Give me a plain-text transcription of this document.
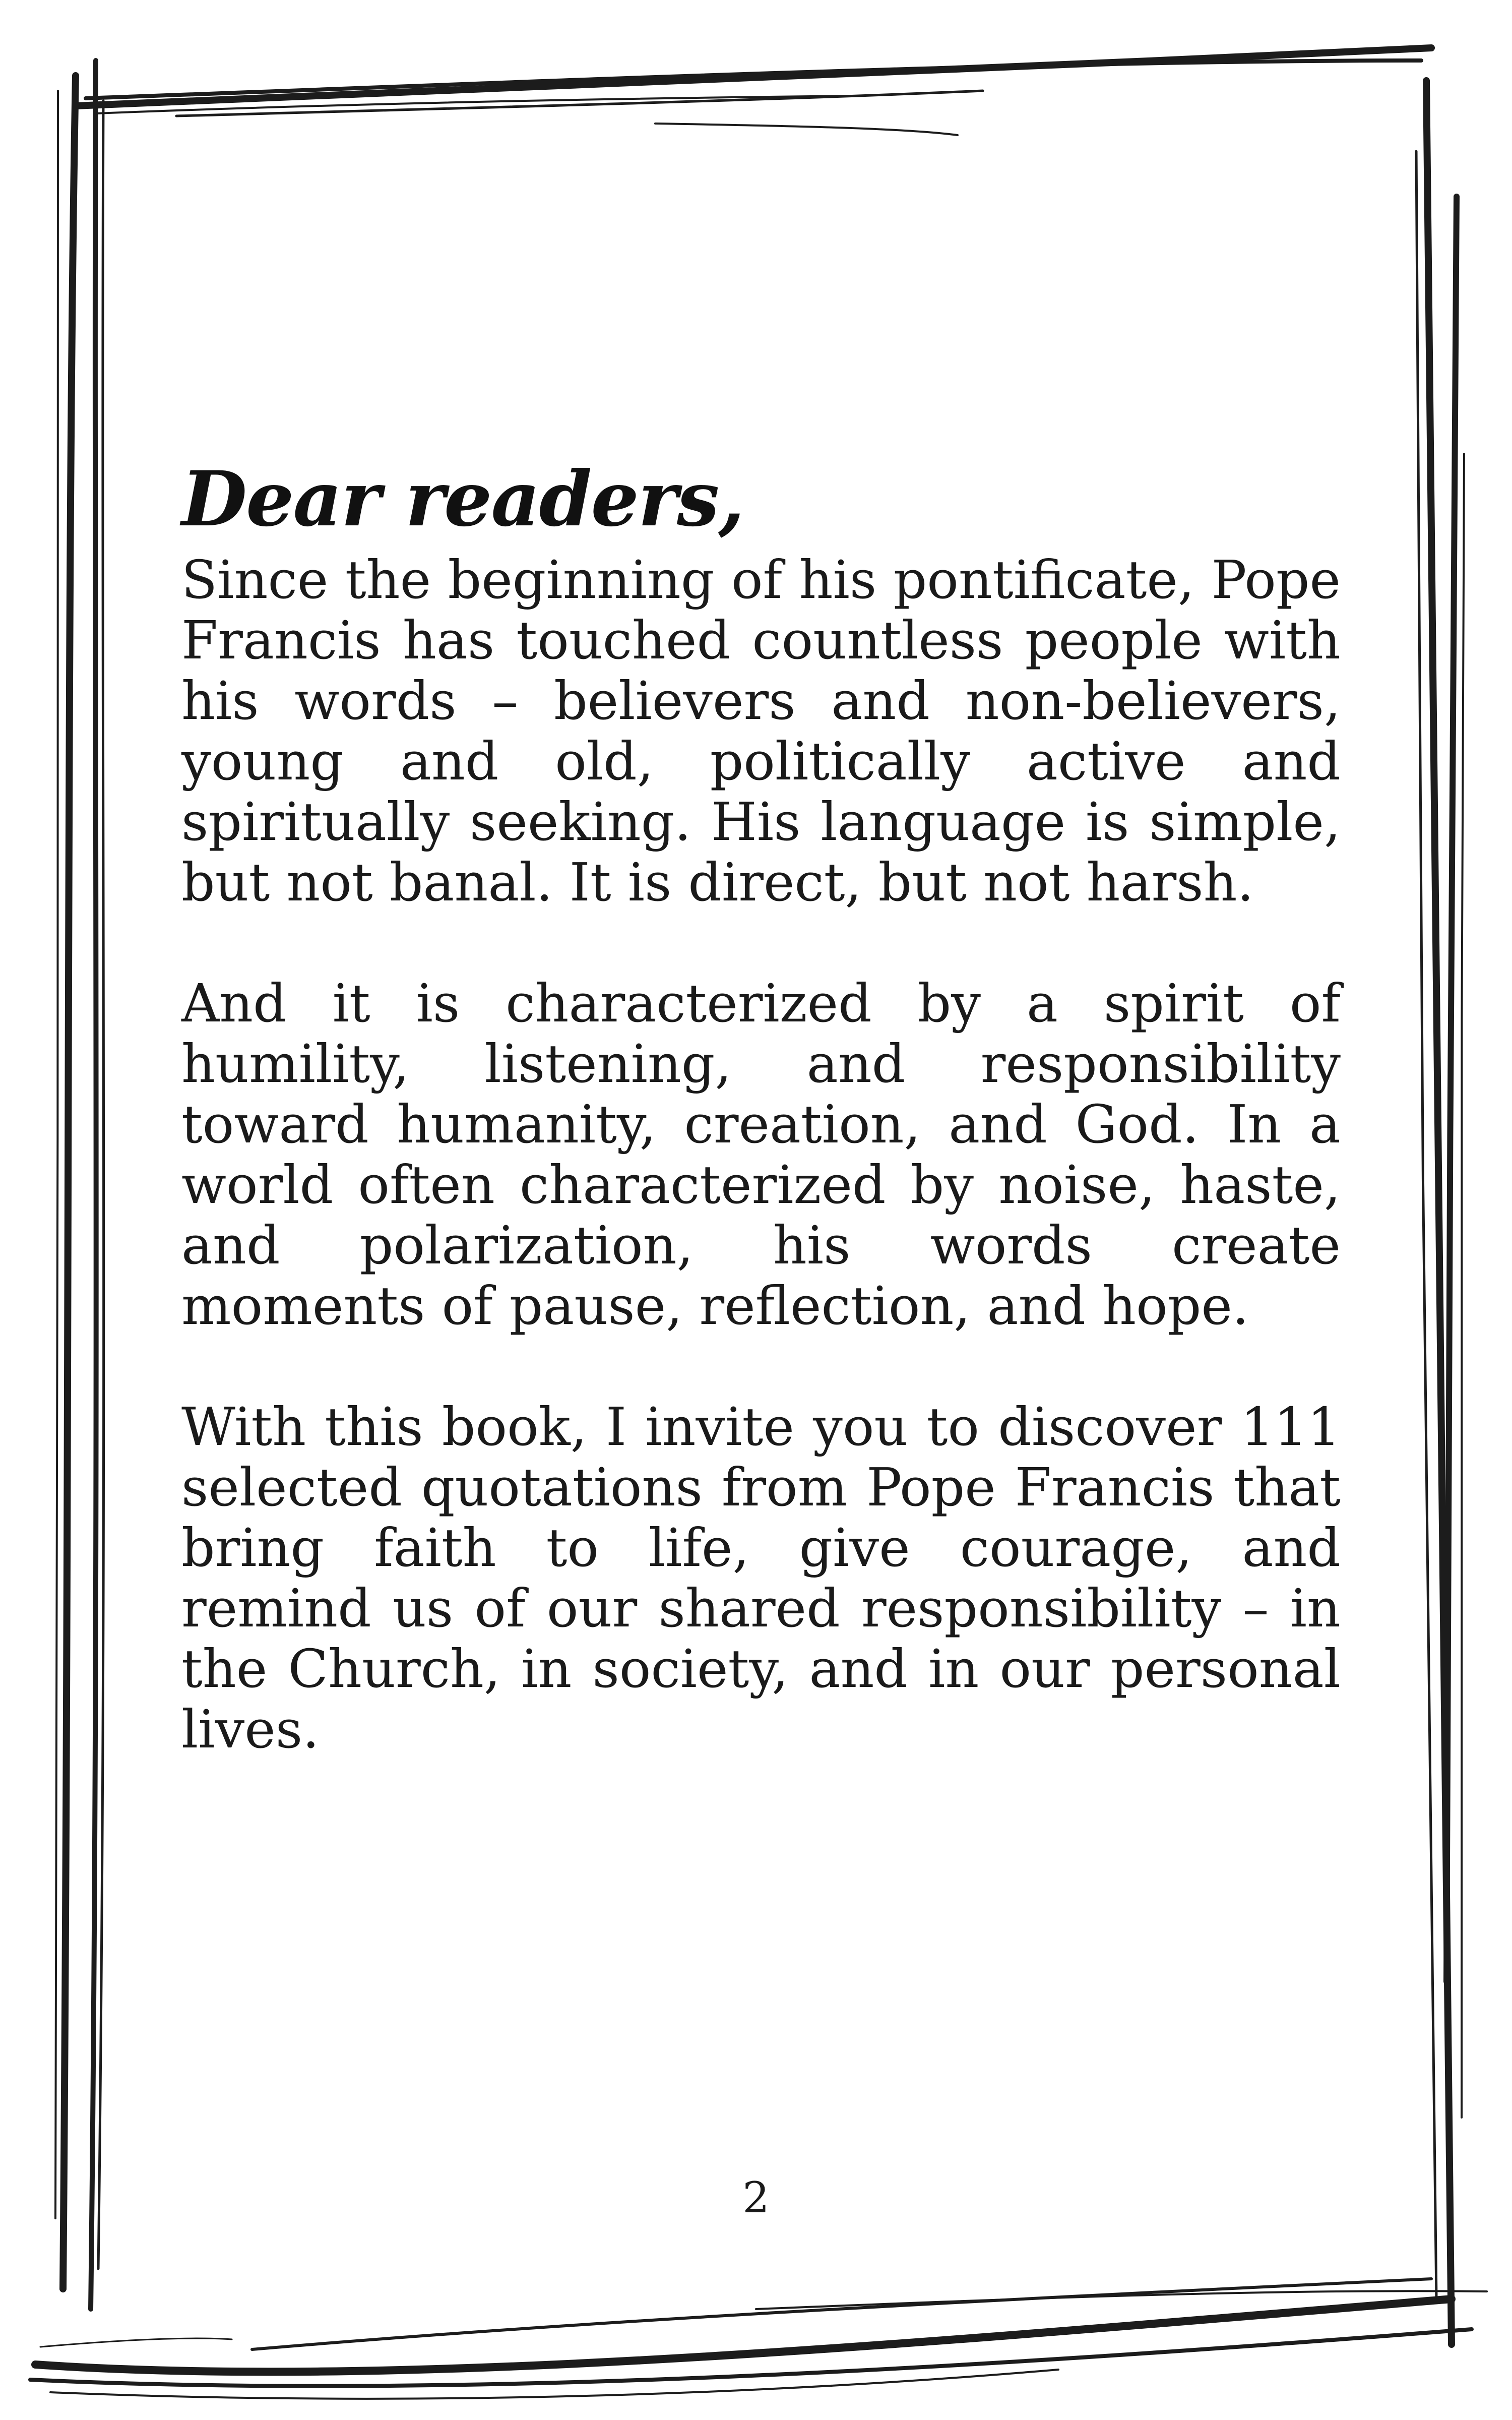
Dear readers,

Since the beginning of his pontificate, Pope Francis has touched countless people with his words – believers and non-believers, young and old, politically active and spiritually seeking. His language is simple, but not banal. It is direct, but not harsh.

And it is characterized by a spirit of humility, listening, and responsibility toward humanity, creation, and God. In a world often characterized by noise, haste, and polarization, his words create moments of pause, reflection, and hope.

With this book, I invite you to discover 111 selected quotations from Pope Francis that bring faith to life, give courage, and remind us of our shared responsibility – in the Church, in society, and in our personal lives.

2
